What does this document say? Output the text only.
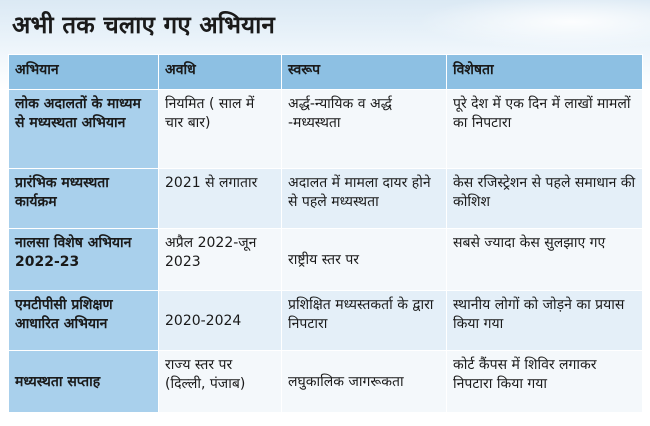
अभी तक चलाए गए अभियान
अभियान	अवधि	स्वरूप	विशेषता
लोक अदालतों के माध्यम से मध्यस्थता अभियान	नियमित ( साल में चार बार)	अर्द्ध-न्यायिक व अर्द्ध -मध्यस्थता	पूरे देश में एक दिन में लाखों मामलों का निपटारा
प्रारंभिक मध्यस्थता कार्यक्रम	2021 से लगातार	अदालत में मामला दायर होने से पहले मध्यस्थता	केस रजिस्ट्रेशन से पहले समाधान की कोशिश
नालसा विशेष अभियान 2022-23	अप्रैल 2022-जून 2023	राष्ट्रीय स्तर पर	सबसे ज्यादा केस सुलझाए गए
एमटीपीसी प्रशिक्षण आधारित अभियान	2020-2024	प्रशिक्षित मध्यस्तकर्ता के द्वारा निपटारा	स्थानीय लोगों को जोड़ने का प्रयास किया गया
मध्यस्थता सप्ताह	राज्य स्तर पर (दिल्ली, पंजाब)	लघुकालिक जागरूकता	कोर्ट कैंपस में शिविर लगाकर निपटारा किया गया
